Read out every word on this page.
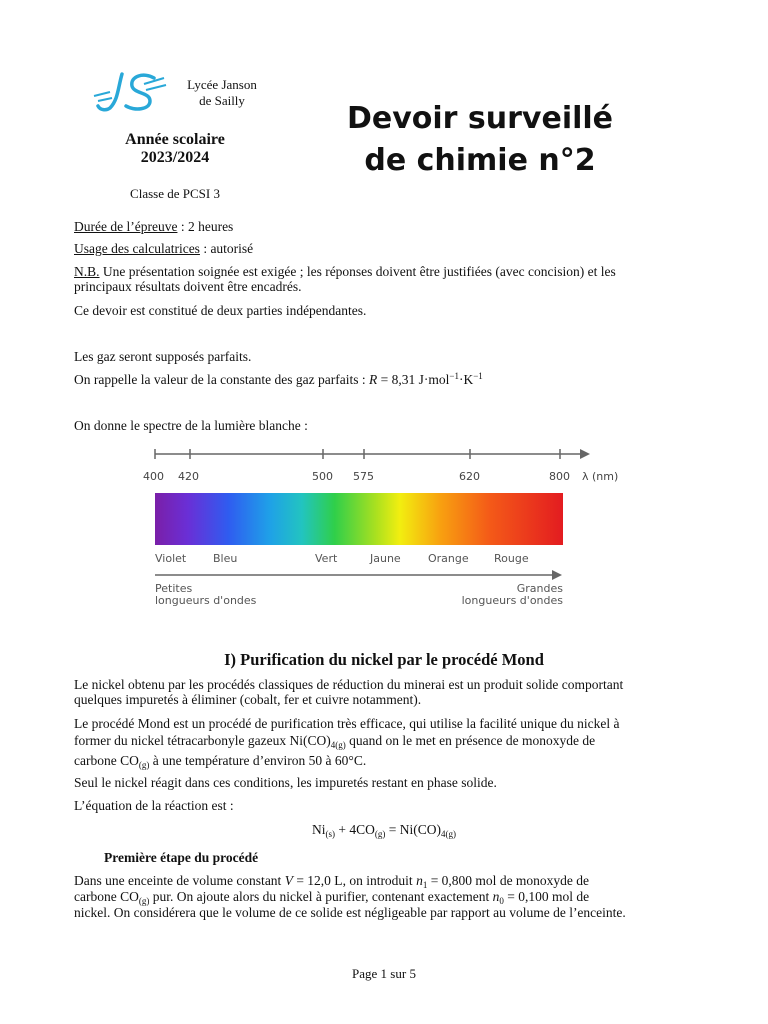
Lycée Janson
de Sailly
Année scolaire
2023/2024
Classe de PCSI 3
Devoir surveillé
de chimie n°2
Durée de l’épreuve : 2 heures
Usage des calculatrices : autorisé
N.B. Une présentation soignée est exigée ; les réponses doivent être justifiées (avec concision) et les
principaux résultats doivent être encadrés.
Ce devoir est constitué de deux parties indépendantes.
Les gaz seront supposés parfaits.
On rappelle la valeur de la constante des gaz parfaits : R = 8,31 $J\cdot mol^{-1}\cdot K^{-1}$
On donne le spectre de la lumière blanche :
400 420	500 575	620	800 λ (nm)
Violet Bleu	Vert	Jaune Orange Rouge
Petites
longueurs d'ondes
Grandes
longueurs d'ondes
I) Purification du nickel par le procédé Mond
Le nickel obtenu par les procédés classiques de réduction du minerai est un produit solide comportant
quelques impuretés à éliminer (cobalt, fer et cuivre notamment).
Le procédé Mond est un procédé de purification très efficace, qui utilise la facilité unique du nickel à
former du nickel tétracarbonyle gazeux $Ni(CO)_{4(g)}$ quand on le met en présence de monoxyde de
carbone $CO_{(g)}$ à une température d’environ 50 à 60°C.
Seul le nickel réagit dans ces conditions, les impuretés restant en phase solide.
L’équation de la réaction est :
$Ni_{(s)} + 4CO_{(g)} = Ni(CO)_{4(g)}$
Première étape du procédé
Dans une enceinte de volume constant V = 12,0 L, on introduit $n_1 = 0,800$ mol de monoxyde de
carbone $CO_{(g)}$ pur. On ajoute alors du nickel à purifier, contenant exactement $n_0 = 0,100$ mol de
nickel. On considérera que le volume de ce solide est négligeable par rapport au volume de l’enceinte.
Page 1 sur 5
